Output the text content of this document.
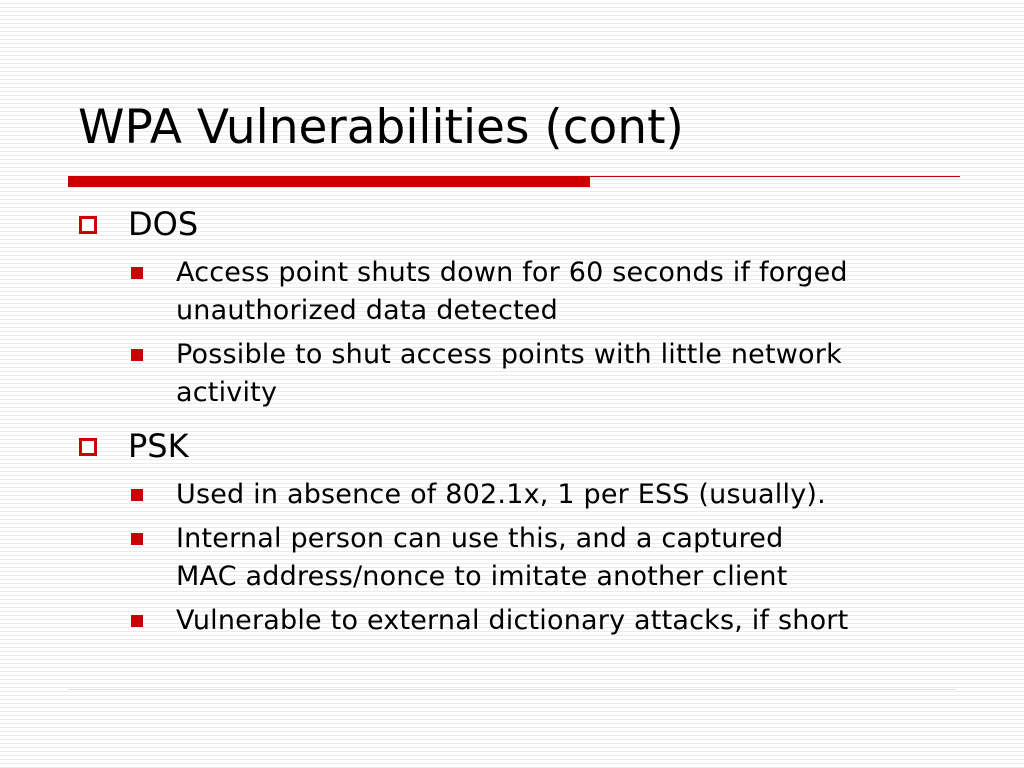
WPA Vulnerabilities (cont)
DOS
Access point shuts down for 60 seconds if forged
unauthorized data detected
Possible to shut access points with little network
activity
PSK
Used in absence of 802.1x, 1 per ESS (usually).
Internal person can use this, and a captured
MAC address/nonce to imitate another client
Vulnerable to external dictionary attacks, if short
